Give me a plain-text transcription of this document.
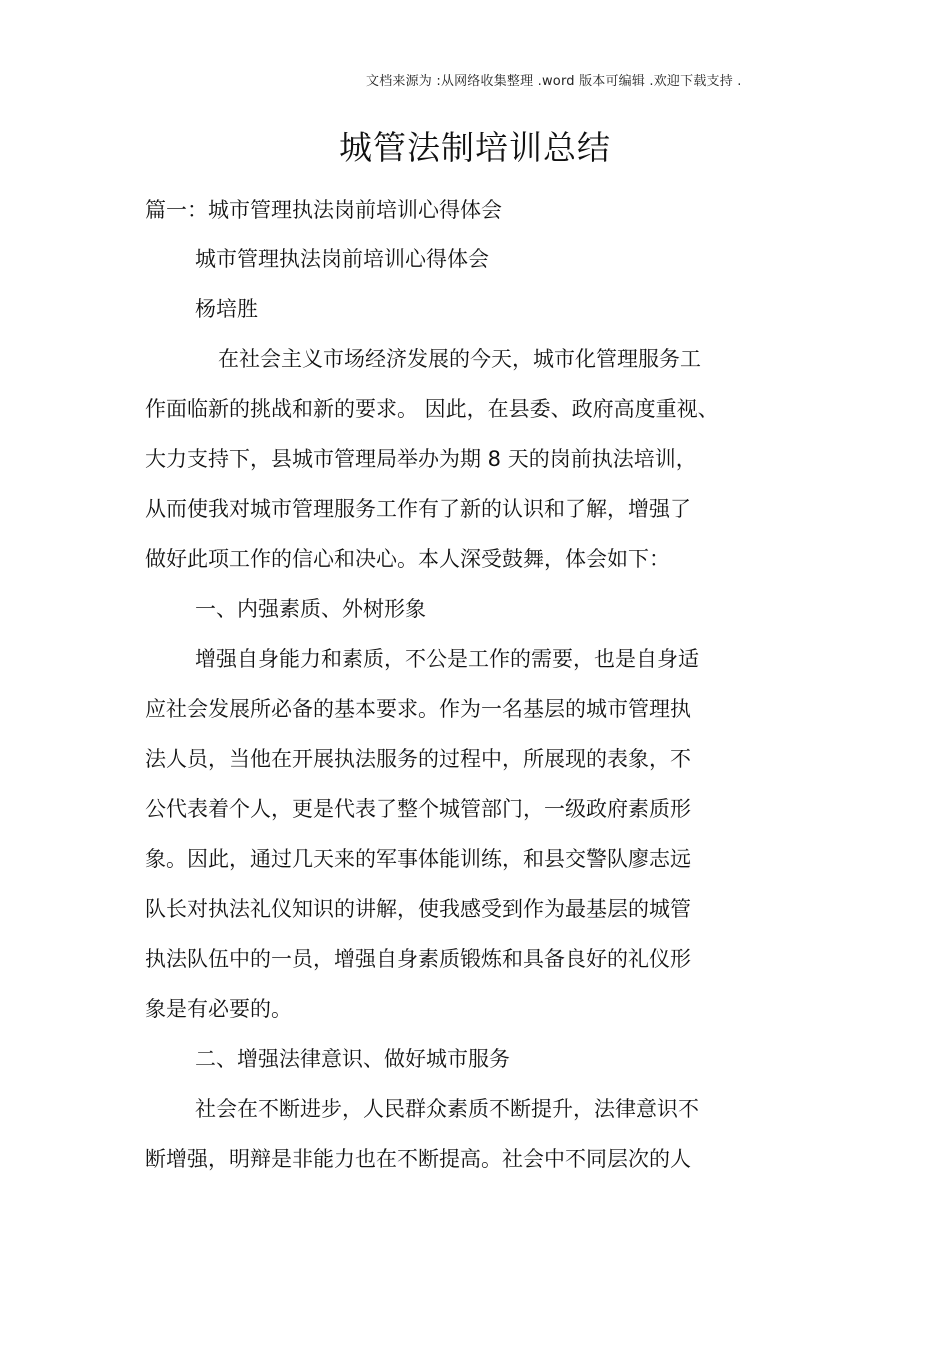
文档来源为 :从网络收集整理 .word 版本可编辑 .欢迎下载支持 .
城管法制培训总结
篇一：城市管理执法岗前培训心得体会
城市管理执法岗前培训心得体会
杨培胜
在社会主义市场经济发展的今天，城市化管理服务工
作面临新的挑战和新的要求。 因此，在县委、政府高度重视、
大力支持下，县城市管理局举办为期 8 天的岗前执法培训，
从而使我对城市管理服务工作有了新的认识和了解，增强了
做好此项工作的信心和决心。本人深受鼓舞，体会如下：
一、内强素质、外树形象
增强自身能力和素质，不公是工作的需要，也是自身适
应社会发展所必备的基本要求。作为一名基层的城市管理执
法人员，当他在开展执法服务的过程中，所展现的表象，不
公代表着个人，更是代表了整个城管部门，一级政府素质形
象。因此，通过几天来的军事体能训练，和县交警队廖志远
队长对执法礼仪知识的讲解，使我感受到作为最基层的城管
执法队伍中的一员，增强自身素质锻炼和具备良好的礼仪形
象是有必要的。
二、增强法律意识、做好城市服务
社会在不断进步，人民群众素质不断提升，法律意识不
断增强，明辩是非能力也在不断提高。社会中不同层次的人
